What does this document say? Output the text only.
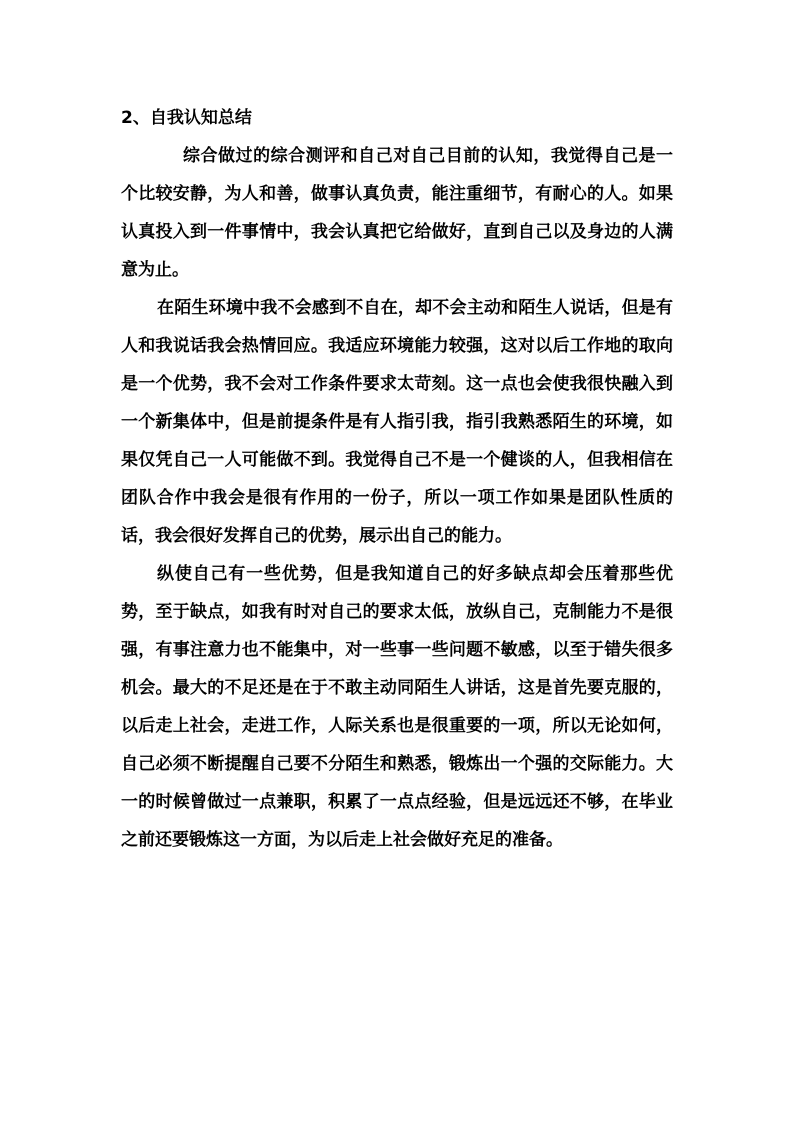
2、自我认知总结

综合做过的综合测评和自己对自己目前的认知，我觉得自己是一个比较安静，为人和善，做事认真负责，能注重细节，有耐心的人。如果认真投入到一件事情中，我会认真把它给做好，直到自己以及身边的人满意为止。

在陌生环境中我不会感到不自在，却不会主动和陌生人说话，但是有人和我说话我会热情回应。我适应环境能力较强，这对以后工作地的取向是一个优势，我不会对工作条件要求太苛刻。这一点也会使我很快融入到一个新集体中，但是前提条件是有人指引我，指引我熟悉陌生的环境，如果仅凭自己一人可能做不到。我觉得自己不是一个健谈的人，但我相信在团队合作中我会是很有作用的一份子，所以一项工作如果是团队性质的话，我会很好发挥自己的优势，展示出自己的能力。

纵使自己有一些优势，但是我知道自己的好多缺点却会压着那些优势，至于缺点，如我有时对自己的要求太低，放纵自己，克制能力不是很强，有事注意力也不能集中，对一些事一些问题不敏感，以至于错失很多机会。最大的不足还是在于不敢主动同陌生人讲话，这是首先要克服的，以后走上社会，走进工作，人际关系也是很重要的一项，所以无论如何，自己必须不断提醒自己要不分陌生和熟悉，锻炼出一个强的交际能力。大一的时候曾做过一点兼职，积累了一点点经验，但是远远还不够，在毕业之前还要锻炼这一方面，为以后走上社会做好充足的准备。
